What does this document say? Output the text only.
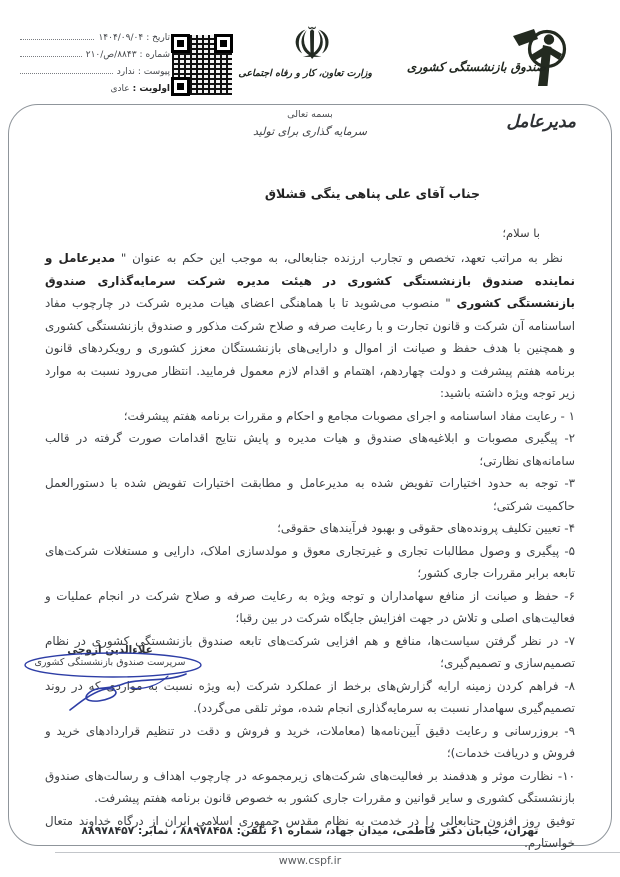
تاریخ :
۱۴۰۴/۰۹/۰۴
شماره :
۸۸۴۳/ص/۲۱۰
پیوست :
ندارد
اولویت :
عادی
☫
وزارت تعاون، کار و رفاه اجتماعی	صندوق بازنشستگی کشوری
بسمه تعالی
سرمایه گذاری برای تولید	مدیرعامل
جناب آقای علی پناهی ینگی قشلاق
با سلام؛
نظر به مراتب تعهد، تخصص و تجارب ارزنده جنابعالی، به موجب این حکم به عنوان " مدیرعامل و نماینده صندوق بازنشستگی کشوری در هیئت مدیره شرکت سرمایه‌گذاری صندوق بازنشستگی کشوری " منصوب می‌شوید تا با هماهنگی اعضای هیات مدیره شرکت در چارچوب مفاد اساسنامه آن شرکت و قانون تجارت و با رعایت صرفه و صلاح شرکت مذکور و صندوق بازنشستگی کشوری و همچنین با هدف حفظ و صیانت از اموال و دارایی‌های بازنشستگان معزز کشوری و رویکردهای قانون برنامه هفتم پیشرفت و دولت چهاردهم، اهتمام و اقدام لازم معمول فرمایید. انتظار می‌رود نسبت به موارد زیر توجه ویژه داشته باشید:
۱ - رعایت مفاد اساسنامه و اجرای مصوبات مجامع و احکام و مقررات برنامه هفتم پیشرفت؛
۲- پیگیری مصوبات و ابلاغیه‌های صندوق و هیات مدیره و پایش نتایج اقدامات صورت گرفته در قالب سامانه‌های نظارتی؛
۳- توجه به حدود اختیارات تفویض شده به مدیرعامل و مطابقت اختیارات تفویض شده با دستورالعمل حاکمیت شرکتی؛
۴- تعیین تکلیف پرونده‌های حقوقی و بهبود فرآیندهای حقوقی؛
۵- پیگیری و وصول مطالبات تجاری و غیرتجاری معوق و مولدسازی املاک، دارایی و مستغلات شرکت‌های تابعه برابر مقررات جاری کشور؛
۶- حفظ و صیانت از منافع سهامداران و توجه ویژه به رعایت صرفه و صلاح شرکت در انجام عملیات و فعالیت‌های اصلی و تلاش در جهت افزایش جایگاه شرکت در بین رقبا؛
۷- در نظر گرفتن سیاست‌ها، منافع و هم افزایی شرکت‌های تابعه صندوق بازنشستگی کشوری در نظام تصمیم‌سازی و تصمیم‌گیری؛
۸- فراهم کردن زمینه ارایه گزارش‌های برخط از عملکرد شرکت (به ویژه نسبت به مواردی که در روند تصمیم‌گیری سهامدار نسبت به سرمایه‌گذاری انجام شده، موثر تلقی می‌گردد).
۹- بروزرسانی و رعایت دقیق آیین‌نامه‌ها (معاملات، خرید و فروش و دقت در تنظیم قراردادهای خرید و فروش و دریافت خدمات)؛
۱۰- نظارت موثر و هدفمند بر فعالیت‌های شرکت‌های زیرمجموعه در چارچوب اهداف و رسالت‌های صندوق بازنشستگی کشوری و سایر قوانین و مقررات جاری کشور به خصوص قانون برنامه هفتم پیشرفت.
توفیق روز افزون جنابعالی را در خدمت به نظام مقدس جمهوری اسلامی ایران از درگاه خداوند متعال خواستارم.
علاءالدین ازوجی
سرپرست صندوق بازنشستگی کشوری
تهران، خیابان دکتر فاطمی، میدان جهاد، شماره ۶۱ تلفن: ۸۸۹۷۸۴۵۸ ، نمابر: ۸۸۹۷۸۴۵۷
www.cspf.ir
